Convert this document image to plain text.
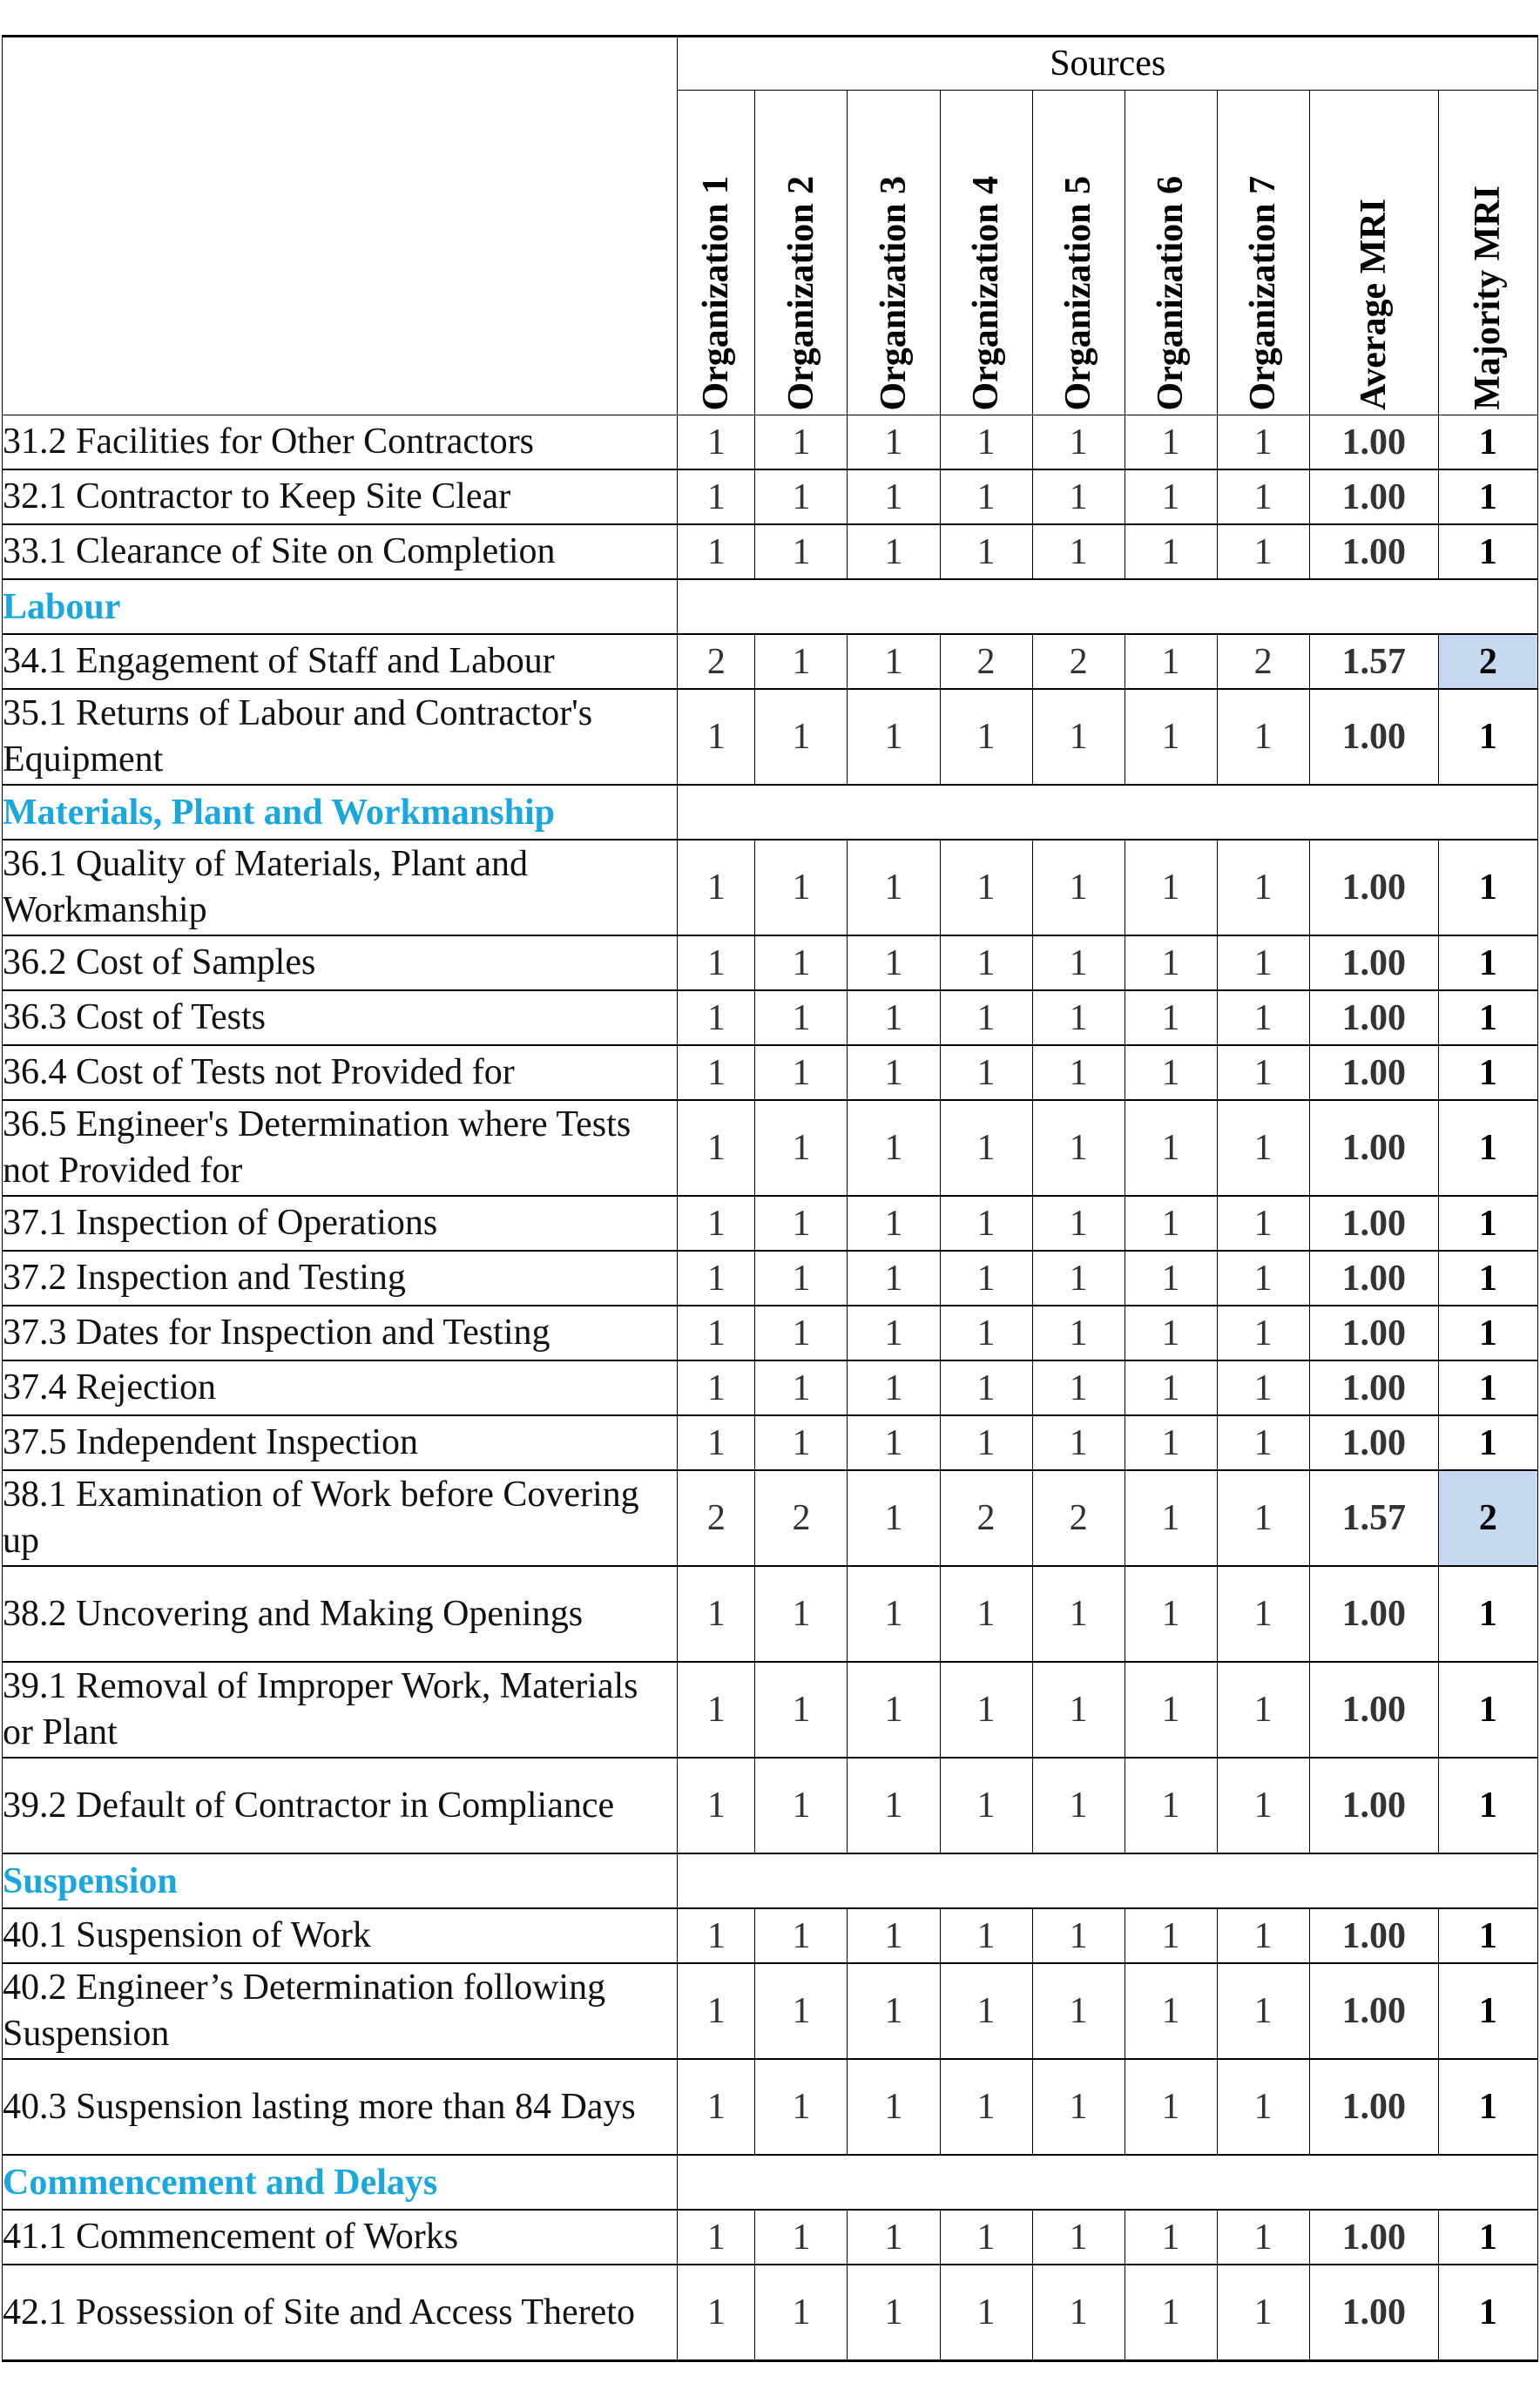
	Sources								
	Organization 1	Organization 2	Organization 3	Organization 4	Organization 5	Organization 6	Organization 7	Average MRI	Majority MRI
31.2 Facilities for Other Contractors	1	1	1	1	1	1	1	1.00	1
32.1 Contractor to Keep Site Clear	1	1	1	1	1	1	1	1.00	1
33.1 Clearance of Site on Completion	1	1	1	1	1	1	1	1.00	1
Labour									
34.1 Engagement of Staff and Labour	2	1	1	2	2	1	2	1.57	2
35.1 Returns of Labour and Contractor's Equipment	1	1	1	1	1	1	1	1.00	1
Materials, Plant and Workmanship									
36.1 Quality of Materials, Plant and Workmanship	1	1	1	1	1	1	1	1.00	1
36.2 Cost of Samples	1	1	1	1	1	1	1	1.00	1
36.3 Cost of Tests	1	1	1	1	1	1	1	1.00	1
36.4 Cost of Tests not Provided for	1	1	1	1	1	1	1	1.00	1
36.5 Engineer's Determination where Tests not Provided for	1	1	1	1	1	1	1	1.00	1
37.1 Inspection of Operations	1	1	1	1	1	1	1	1.00	1
37.2 Inspection and Testing	1	1	1	1	1	1	1	1.00	1
37.3 Dates for Inspection and Testing	1	1	1	1	1	1	1	1.00	1
37.4 Rejection	1	1	1	1	1	1	1	1.00	1
37.5 Independent Inspection	1	1	1	1	1	1	1	1.00	1
38.1 Examination of Work before Covering up	2	2	1	2	2	1	1	1.57	2
38.2 Uncovering and Making Openings	1	1	1	1	1	1	1	1.00	1
39.1 Removal of Improper Work, Materials or Plant	1	1	1	1	1	1	1	1.00	1
39.2 Default of Contractor in Compliance	1	1	1	1	1	1	1	1.00	1
Suspension									
40.1 Suspension of Work	1	1	1	1	1	1	1	1.00	1
40.2 Engineer’s Determination following Suspension	1	1	1	1	1	1	1	1.00	1
40.3 Suspension lasting more than 84 Days	1	1	1	1	1	1	1	1.00	1
Commencement and Delays									
41.1 Commencement of Works	1	1	1	1	1	1	1	1.00	1
42.1 Possession of Site and Access Thereto	1	1	1	1	1	1	1	1.00	1
